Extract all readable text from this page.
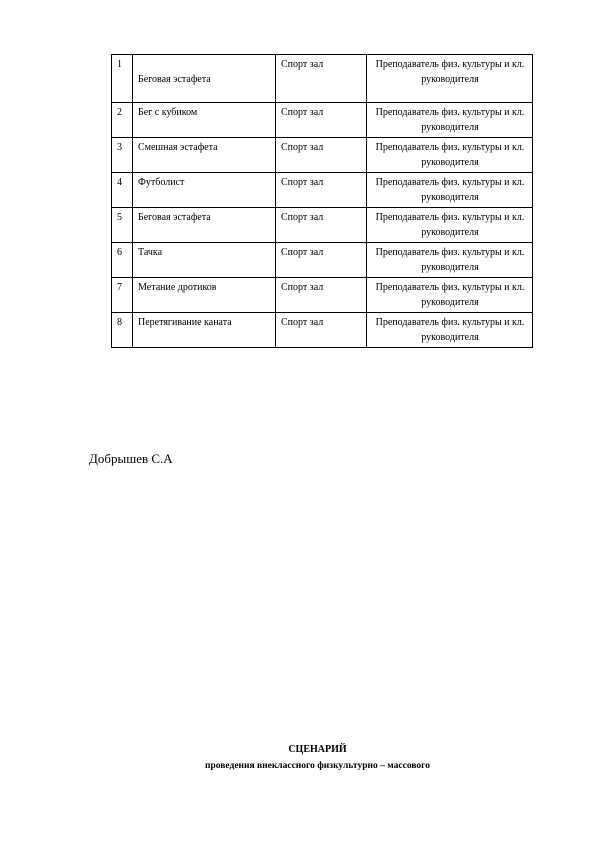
1	Беговая эстафета	Спорт зал	Преподаватель физ. культуры и кл. руководителя
2	Бег с кубиком	Спорт зал	Преподаватель физ. культуры и кл. руководителя
3	Смешная эстафета	Спорт зал	Преподаватель физ. культуры и кл. руководителя
4	Футболист	Спорт зал	Преподаватель физ. культуры и кл. руководителя
5	Беговая эстафета	Спорт зал	Преподаватель физ. культуры и кл. руководителя
6	Тачка	Спорт зал	Преподаватель физ. культуры и кл. руководителя
7	Метание дротиков	Спорт зал	Преподаватель физ. культуры и кл. руководителя
8	Перетягивание каната	Спорт зал	Преподаватель физ. культуры и кл. руководителя
Добрышев С.А
СЦЕНАРИЙ
проведения внеклассного физкультурно – массового
